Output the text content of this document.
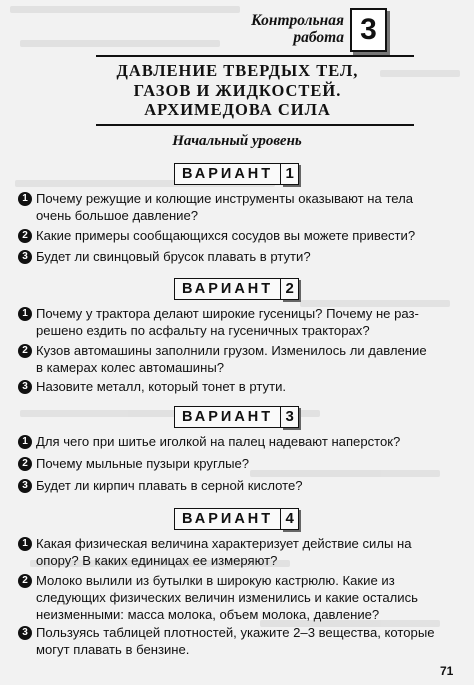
Контрольная
работа 3
ДАВЛЕНИЕ ТВЕРДЫХ ТЕЛ,
ГАЗОВ И ЖИДКОСТЕЙ.
АРХИМЕДОВА СИЛА
Начальный уровень
ВАРИАНТ 1
1 Почему режущие и колющие инструменты оказывают на тела
очень большое давление?
2 Какие примеры сообщающихся сосудов вы можете привести?
3 Будет ли свинцовый брусок плавать в ртути?
ВАРИАНТ 2
1 Почему у трактора делают широкие гусеницы? Почему не раз-
решено ездить по асфальту на гусеничных тракторах?
2 Кузов автомашины заполнили грузом. Изменилось ли давление
в камерах колес автомашины?
3 Назовите металл, который тонет в ртути.
ВАРИАНТ 3
1 Для чего при шитье иголкой на палец надевают наперсток?
2 Почему мыльные пузыри круглые?
3 Будет ли кирпич плавать в серной кислоте?
ВАРИАНТ 4
1 Какая физическая величина характеризует действие силы на
опору? В каких единицах ее измеряют?
2 Молоко вылили из бутылки в широкую кастрюлю. Какие из
следующих физических величин изменились и какие остались
неизменными: масса молока, объем молока, давление?
3 Пользуясь таблицей плотностей, укажите 2–3 вещества, которые
могут плавать в бензине.
71
